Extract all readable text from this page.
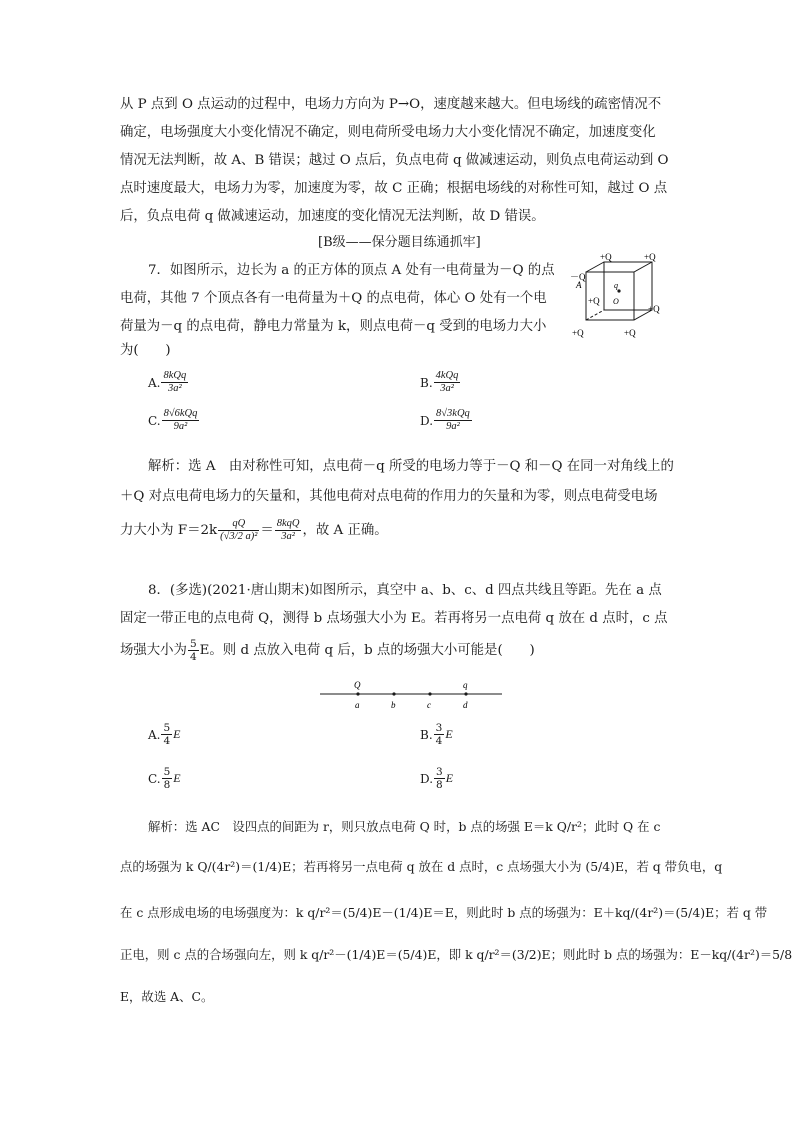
从 P 点到 O 点运动的过程中，电场力方向为 P→O，速度越来越大。但电场线的疏密情况不
确定，电场强度大小变化情况不确定，则电荷所受电场力大小变化情况不确定，加速度变化
情况无法判断，故 A、B 错误；越过 O 点后，负点电荷 q 做减速运动，则负点电荷运动到 O
点时速度最大，电场力为零，加速度为零，故 C 正确；根据电场线的对称性可知，越过 O 点
后，负点电荷 q 做减速运动，加速度的变化情况无法判断，故 D 错误。
[B级——保分题目练通抓牢]
7．如图所示，边长为 a 的正方体的顶点 A 处有一电荷量为－Q 的点
电荷，其他 7 个顶点各有一电荷量为＋Q 的点电荷，体心 O 处有一个电
荷量为－q 的点电荷，静电力常量为 k，则点电荷－q 受到的电场力大小
为(　　)
－Q
A
+Q	+Q
+Q
q
O
+Q
+Q	+Q
A. $\frac{\text{8kQq}}{\text{3a²}}$	B. $\frac{\text{4kQq}}{\text{3a²}}$
C. $\frac{\text{8√6kQq}}{\text{9a²}}$	D. $\frac{\text{8√3kQq}}{\text{9a²}}$
解析：选 A　由对称性可知，点电荷－q 所受的电场力等于－Q 和－Q 在同一对角线上的
＋Q 对点电荷电场力的矢量和，其他电荷对点电荷的作用力的矢量和为零，则点电荷受电场
力大小为 $F=2k \frac{qQ}{\text{(√3/2 a)²}} = \frac{\text{8kqQ}}{\text{3a²}}$ ，故 A 正确。
8．(多选)(2021·唐山期末)如图所示，真空中 a、b、c、d 四点共线且等距。先在 a 点
固定一带正电的点电荷 Q，测得 b 点场强大小为 E。若再将另一点电荷 q 放在 d 点时，c 点
场强大小为 $\frac{5}{4}$ E。则 d 点放入电荷 q 后，b 点的场强大小可能是(　　)
Q	q
a	b	c	d
A. $\frac{5}{4}$ E	B. $\frac{3}{4}$ E
C. $\frac{5}{8}$ E	D. $\frac{3}{8}$ E
解析：选 AC　设四点的间距为 r，则只放点电荷 Q 时，b 点的场强 E＝k Q/r²；此时 Q 在 c
点的场强为 k Q/(4r²)＝(1/4)E；若再将另一点电荷 q 放在 d 点时，c 点场强大小为 (5/4)E，若 q 带负电，q
在 c 点形成电场的电场强度为：k q/r²＝(5/4)E－(1/4)E＝E，则此时 b 点的场强为：E＋kq/(4r²)＝(5/4)E；若 q 带
正电，则 c 点的合场强向左，则 k q/r²－(1/4)E＝(5/4)E，即 k q/r²＝(3/2)E；则此时 b 点的场强为：E－kq/(4r²)＝5/8
E，故选 A、C。
